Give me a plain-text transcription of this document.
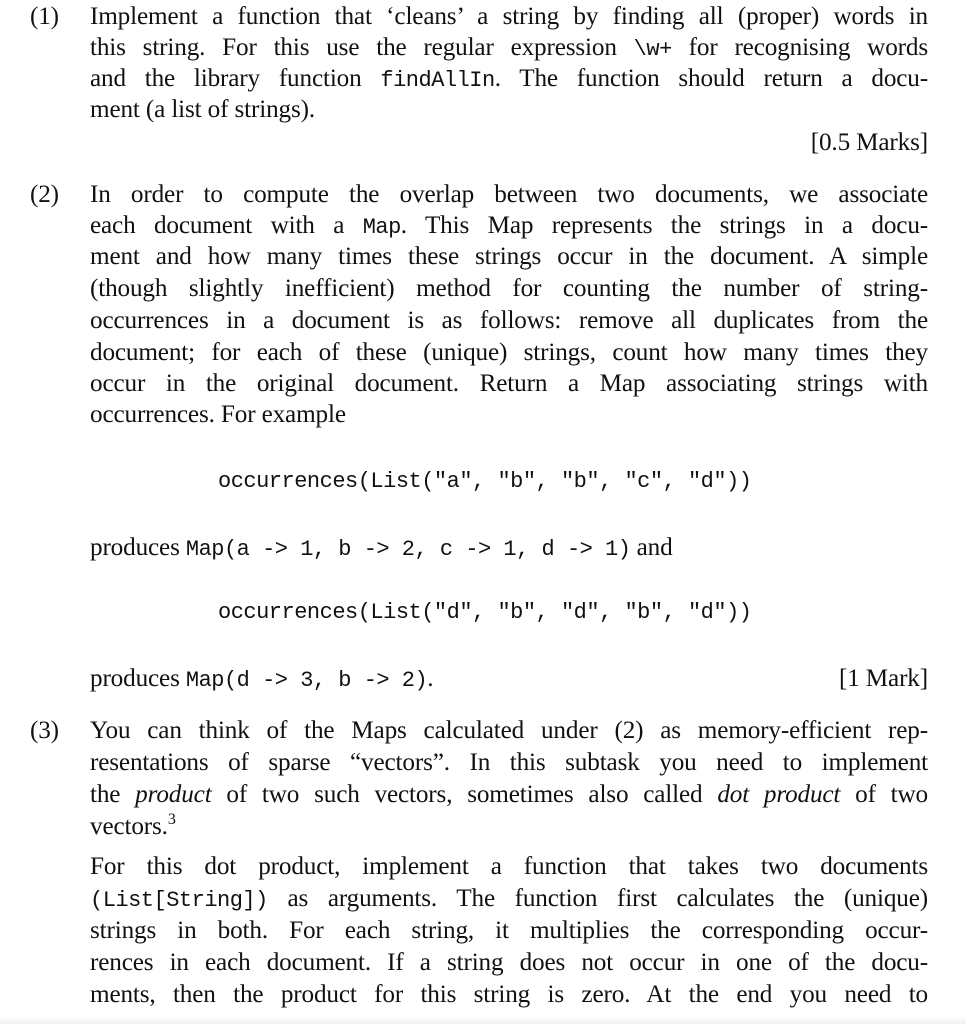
(1) Implement a function that ‘cleans’ a string by finding all (proper) words in
this string. For this use the regular expression \w+ for recognising words
and the library function findAllIn. The function should return a docu-
ment (a list of strings).
[0.5 Marks]
(2) In order to compute the overlap between two documents, we associate
each document with a Map. This Map represents the strings in a docu-
ment and how many times these strings occur in the document. A simple
(though slightly inefficient) method for counting the number of string-
occurrences in a document is as follows: remove all duplicates from the
document; for each of these (unique) strings, count how many times they
occur in the original document. Return a Map associating strings with
occurrences. For example
occurrences(List("a", "b", "b", "c", "d"))
produces Map(a -> 1, b -> 2, c -> 1, d -> 1) and
occurrences(List("d", "b", "d", "b", "d"))
produces Map(d -> 3, b -> 2).	[1 Mark]
(3) You can think of the Maps calculated under (2) as memory-efficient rep-
resentations of sparse “vectors”. In this subtask you need to implement
the product of two such vectors, sometimes also called dot product of two
vectors.$^3$
For this dot product, implement a function that takes two documents
(List[String]) as arguments. The function first calculates the (unique)
strings in both. For each string, it multiplies the corresponding occur-
rences in each document. If a string does not occur in one of the docu-
ments, then the product for this string is zero. At the end you need to
